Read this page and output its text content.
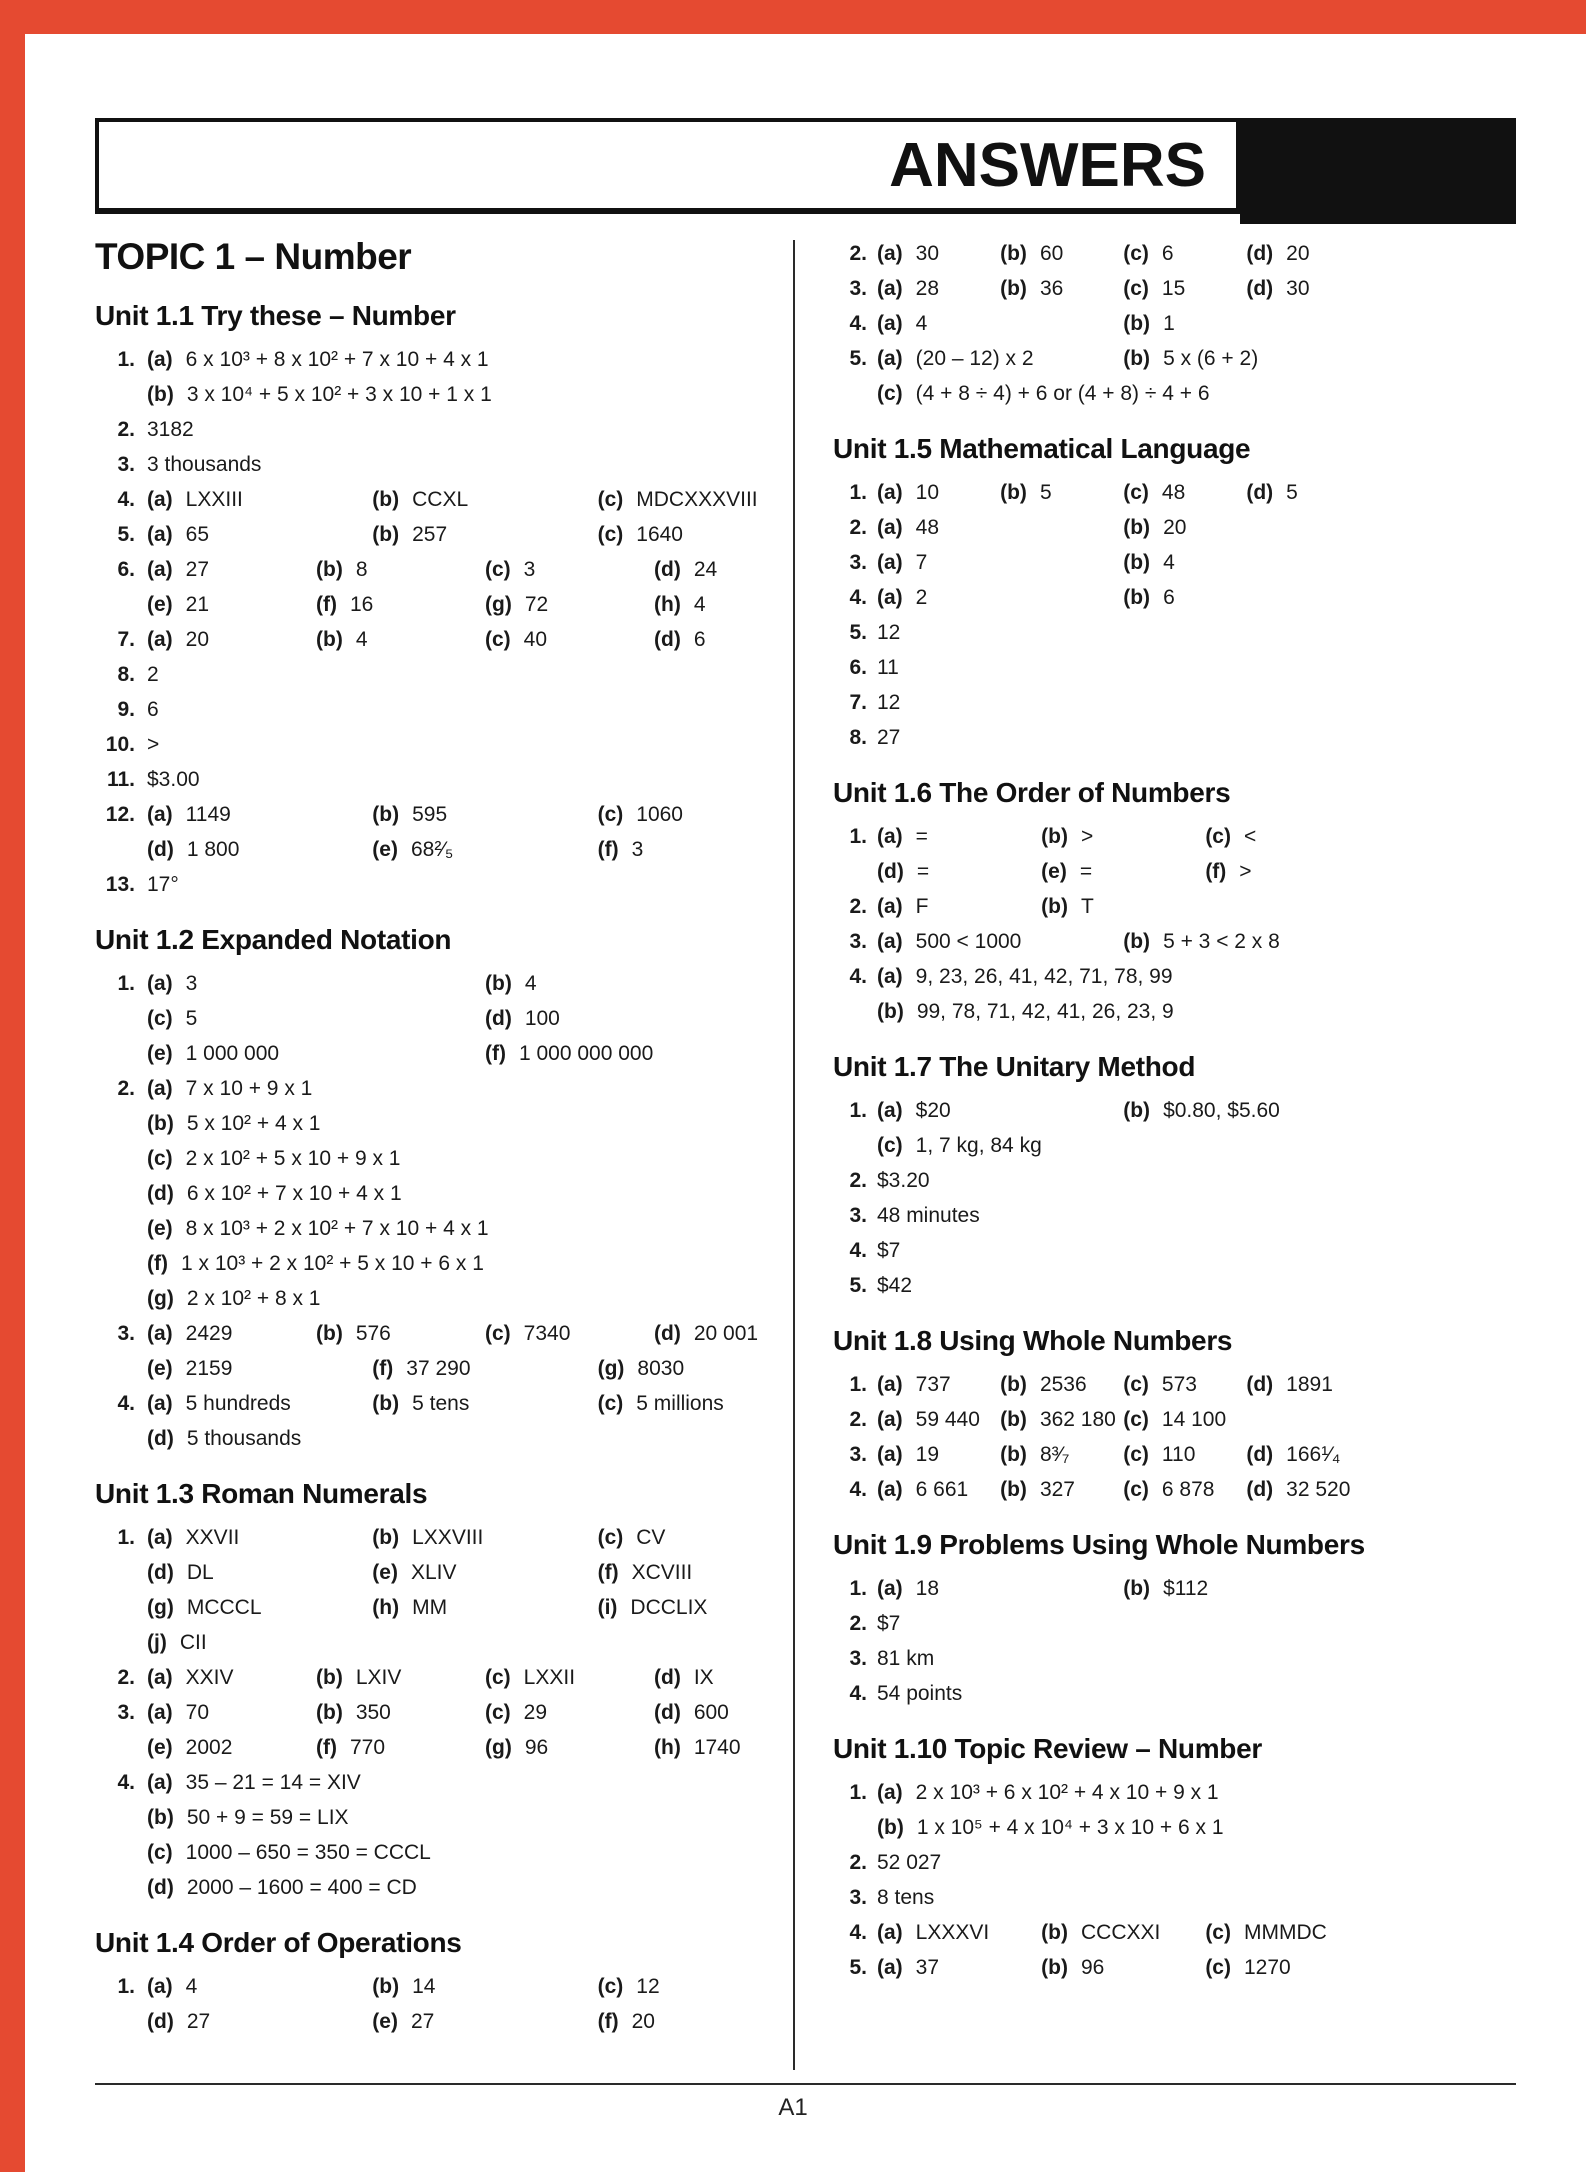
ANSWERS
TOPIC 1 – Number
Unit 1.1 Try these – Number
1. (a) 6 x 10³ + 8 x 10² + 7 x 10 + 4 x 1
(b) 3 x 10⁴ + 5 x 10² + 3 x 10 + 1 x 1
2. 3182
3. 3 thousands
4. (a) LXXIII	(b) CCXL	(c) MDCXXXVIII
5. (a) 65	(b) 257	(c) 1640
6. (a) 27	(b) 8	(c) 3	(d) 24
(e) 21	(f) 16	(g) 72	(h) 4
7. (a) 20	(b) 4	(c) 40	(d) 6
8. 2
9. 6
10. >
11. $3.00
12. (a) 1149	(b) 595	(c) 1060
(d) 1 800	(e) 68²⁄₅	(f) 3
13. 17°
Unit 1.2 Expanded Notation
1. (a) 3	(b) 4
(c) 5	(d) 100
(e) 1 000 000	(f) 1 000 000 000
2. (a) 7 x 10 + 9 x 1
(b) 5 x 10² + 4 x 1
(c) 2 x 10² + 5 x 10 + 9 x 1
(d) 6 x 10² + 7 x 10 + 4 x 1
(e) 8 x 10³ + 2 x 10² + 7 x 10 + 4 x 1
(f) 1 x 10³ + 2 x 10² + 5 x 10 + 6 x 1
(g) 2 x 10² + 8 x 1
3. (a) 2429	(b) 576	(c) 7340	(d) 20 001
(e) 2159	(f) 37 290	(g) 8030
4. (a) 5 hundreds	(b) 5 tens	(c) 5 millions
(d) 5 thousands
Unit 1.3 Roman Numerals
1. (a) XXVII	(b) LXXVIII	(c) CV
(d) DL	(e) XLIV	(f) XCVIII
(g) MCCCL	(h) MM	(i) DCCLIX
(j) CII
2. (a) XXIV	(b) LXIV	(c) LXXII	(d) IX
3. (a) 70	(b) 350	(c) 29	(d) 600
(e) 2002	(f) 770	(g) 96	(h) 1740
4. (a) 35 – 21 = 14 = XIV
(b) 50 + 9 = 59 = LIX
(c) 1000 – 650 = 350 = CCCL
(d) 2000 – 1600 = 400 = CD
Unit 1.4 Order of Operations
1. (a) 4	(b) 14	(c) 12
(d) 27	(e) 27	(f) 20
2. (a) 30	(b) 60	(c) 6	(d) 20
3. (a) 28	(b) 36	(c) 15	(d) 30
4. (a) 4	(b) 1
5. (a) (20 – 12) x 2	(b) 5 x (6 + 2)
(c) (4 + 8 ÷ 4) + 6 or (4 + 8) ÷ 4 + 6
Unit 1.5 Mathematical Language
1. (a) 10	(b) 5	(c) 48	(d) 5
2. (a) 48	(b) 20
3. (a) 7	(b) 4
4. (a) 2	(b) 6
5. 12
6. 11
7. 12
8. 27
Unit 1.6 The Order of Numbers
1. (a) =	(b) >	(c) <
(d) =	(e) =	(f) >
2. (a) F	(b) T
3. (a) 500 < 1000	(b) 5 + 3 < 2 x 8
4. (a) 9, 23, 26, 41, 42, 71, 78, 99
(b) 99, 78, 71, 42, 41, 26, 23, 9
Unit 1.7 The Unitary Method
1. (a) $20	(b) $0.80, $5.60
(c) 1, 7 kg, 84 kg
2. $3.20
3. 48 minutes
4. $7
5. $42
Unit 1.8 Using Whole Numbers
1. (a) 737 (b) 2536 (c) 573 (d) 1891
2. (a) 59 440 (b) 362 180 (c) 14 100
3. (a) 19	(b) 8³⁄₇	(c) 110 (d) 166¹⁄₄
4. (a) 6 661 (b) 327 (c) 6 878 (d) 32 520
Unit 1.9 Problems Using Whole Numbers
1. (a) 18	(b) $112
2. $7
3. 81 km
4. 54 points
Unit 1.10 Topic Review – Number
1. (a) 2 x 10³ + 6 x 10² + 4 x 10 + 9 x 1
(b) 1 x 10⁵ + 4 x 10⁴ + 3 x 10 + 6 x 1
2. 52 027
3. 8 tens
4. (a) LXXXVI (b) CCCXXI (c) MMMDC
5. (a) 37	(b) 96	(c) 1270
A1
